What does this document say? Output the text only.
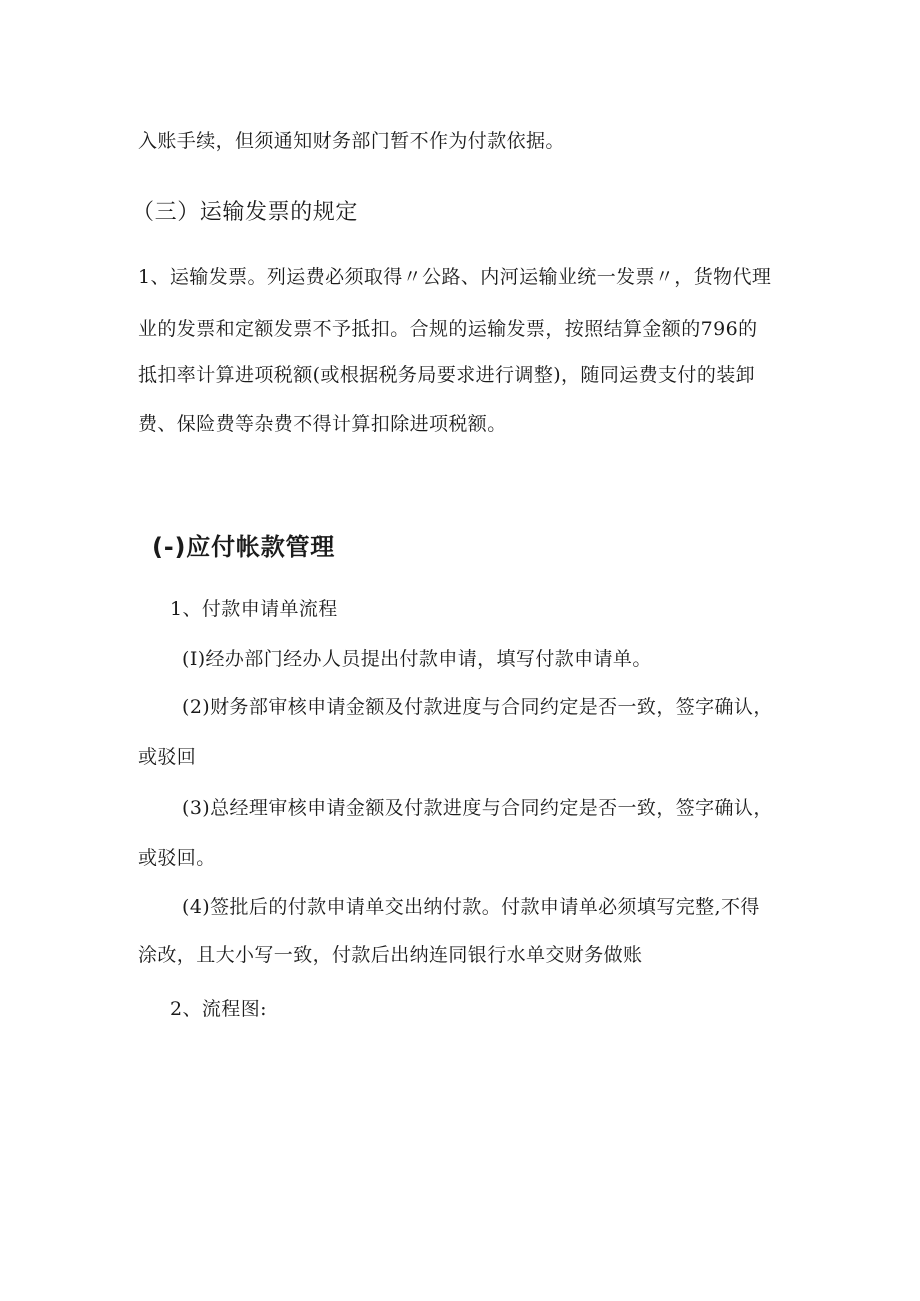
入账手续，但须通知财务部门暂不作为付款依据。
（三）运输发票的规定
1、运输发票。列运费必须取得〃公路、内河运输业统一发票〃，货物代理
业的发票和定额发票不予抵扣。合规的运输发票，按照结算金额的796的
抵扣率计算进项税额(或根据税务局要求进行调整)，随同运费支付的装卸
费、保险费等杂费不得计算扣除进项税额。
(-)应付帐款管理
1、付款申请单流程
(I)经办部门经办人员提出付款申请，填写付款申请单。
(2)财务部审核申请金额及付款进度与合同约定是否一致，签字确认，
或驳回
(3)总经理审核申请金额及付款进度与合同约定是否一致，签字确认，
或驳回。
(4)签批后的付款申请单交出纳付款。付款申请单必须填写完整,不得
涂改，且大小写一致，付款后出纳连同银行水单交财务做账
2、流程图:
